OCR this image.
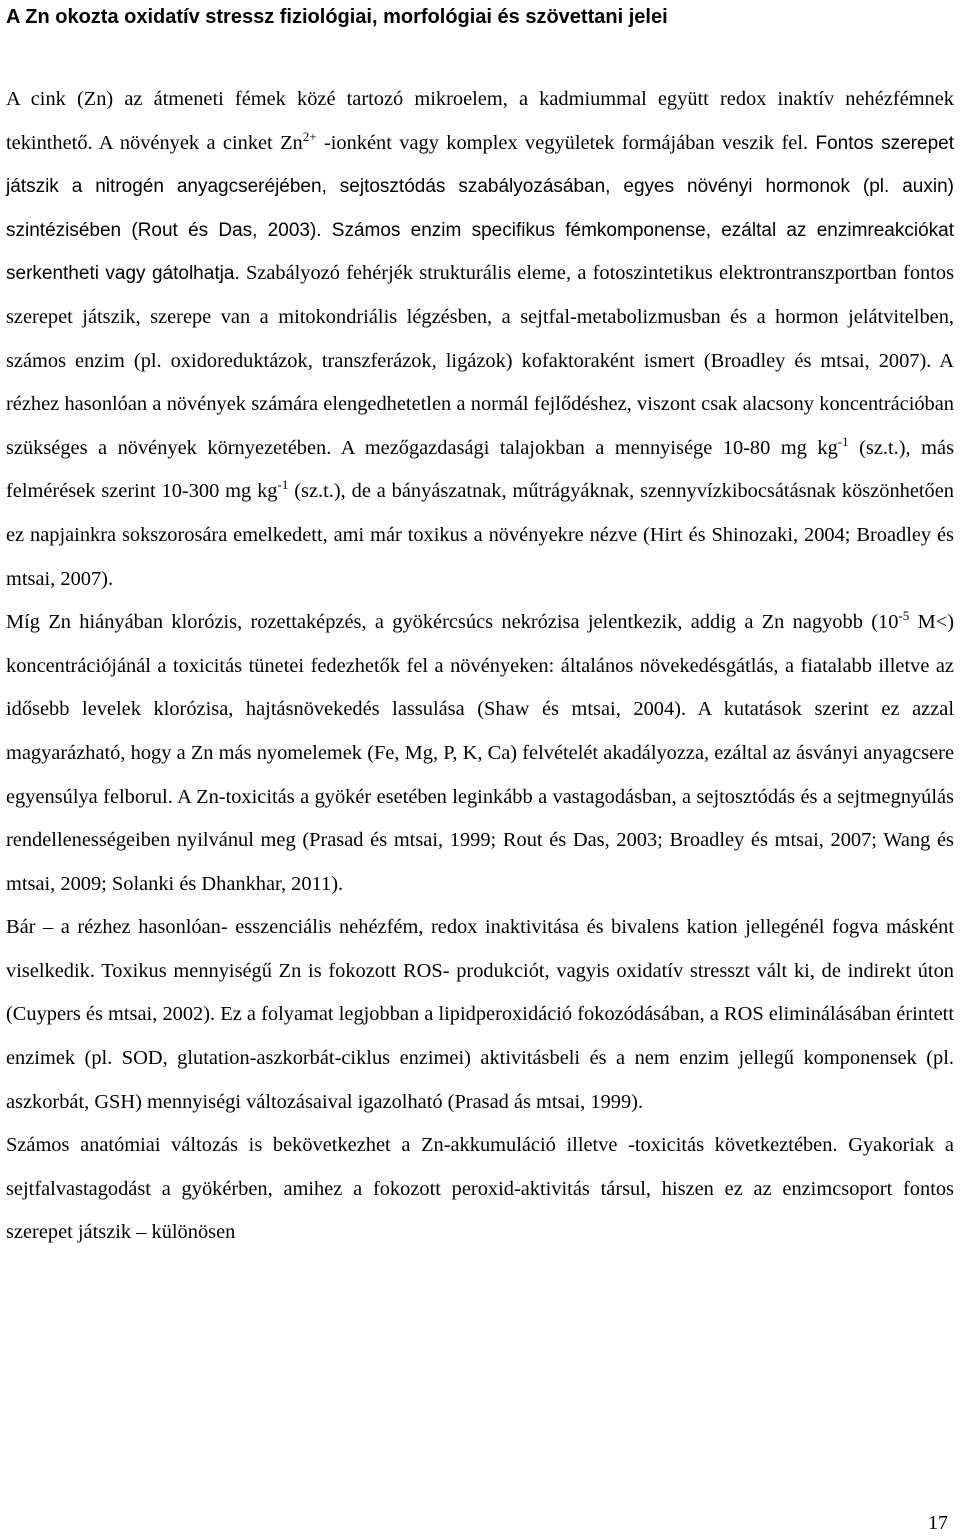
A Zn okozta oxidatív stressz fiziológiai, morfológiai és szövettani jelei

A cink (Zn) az átmeneti fémek közé tartozó mikroelem, a kadmiummal együtt redox inaktív nehézfémnek tekinthető. A növények a cinket $Zn^{2+}$ -ionként vagy komplex vegyületek formájában veszik fel. Fontos szerepet játszik a nitrogén anyagcseréjében, sejtosztódás szabályozásában, egyes növényi hormonok (pl. auxin) szintézisében (Rout és Das, 2003). Számos enzim specifikus fémkomponense, ezáltal az enzimreakciókat serkentheti vagy gátolhatja. Szabályozó fehérjék strukturális eleme, a fotoszintetikus elektrontranszportban fontos szerepet játszik, szerepe van a mitokondriális légzésben, a sejtfal-metabolizmusban és a hormon jelátvitelben, számos enzim (pl. oxidoreduktázok, transzferázok, ligázok) kofaktoraként ismert (Broadley és mtsai, 2007). A rézhez hasonlóan a növények számára elengedhetetlen a normál fejlődéshez, viszont csak alacsony koncentrációban szükséges a növények környezetében. A mezőgazdasági talajokban a mennyisége 10-80 mg $kg^{-1}$ (sz.t.), más felmérések szerint 10-300 mg $kg^{-1}$ (sz.t.), de a bányászatnak, műtrágyáknak, szennyvízkibocsátásnak köszönhetően ez napjainkra sokszorosára emelkedett, ami már toxikus a növényekre nézve (Hirt és Shinozaki, 2004; Broadley és mtsai, 2007).

Míg Zn hiányában klorózis, rozettaképzés, a gyökércsúcs nekrózisa jelentkezik, addig a Zn nagyobb ($10^{-5}$ M<) koncentrációjánál a toxicitás tünetei fedezhetők fel a növényeken: általános növekedésgátlás, a fiatalabb illetve az idősebb levelek klorózisa, hajtásnövekedés lassulása (Shaw és mtsai, 2004). A kutatások szerint ez azzal magyarázható, hogy a Zn más nyomelemek (Fe, Mg, P, K, Ca) felvételét akadályozza, ezáltal az ásványi anyagcsere egyensúlya felborul. A Zn-toxicitás a gyökér esetében leginkább a vastagodásban, a sejtosztódás és a sejtmegnyúlás rendellenességeiben nyilvánul meg (Prasad és mtsai, 1999; Rout és Das, 2003; Broadley és mtsai, 2007; Wang és mtsai, 2009; Solanki és Dhankhar, 2011).

Bár – a rézhez hasonlóan- esszenciális nehézfém, redox inaktivitása és bivalens kation jellegénél fogva másként viselkedik. Toxikus mennyiségű Zn is fokozott ROS- produkciót, vagyis oxidatív stresszt vált ki, de indirekt úton (Cuypers és mtsai, 2002). Ez a folyamat legjobban a lipidperoxidáció fokozódásában, a ROS eliminálásában érintett enzimek (pl. SOD, glutation-aszkorbát-ciklus enzimei) aktivitásbeli és a nem enzim jellegű komponensek (pl. aszkorbát, GSH) mennyiségi változásaival igazolható (Prasad ás mtsai, 1999).

Számos anatómiai változás is bekövetkezhet a Zn-akkumuláció illetve -toxicitás következtében. Gyakoriak a sejtfalvastagodást a gyökérben, amihez a fokozott peroxid-aktivitás társul, hiszen ez az enzimcsoport fontos szerepet játszik – különösen

17
